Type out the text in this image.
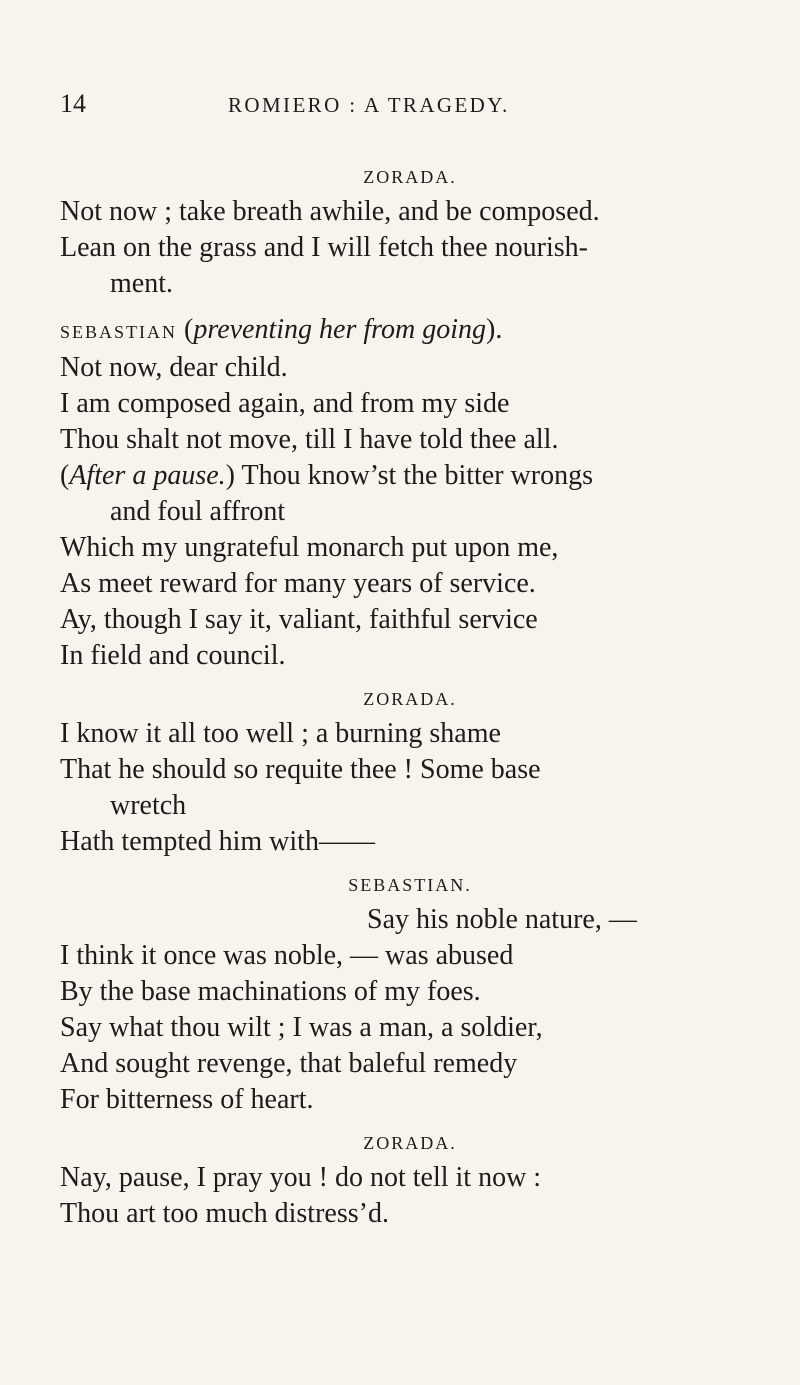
14	ROMIERO : A TRAGEDY.

ZORADA.

Not now ; take breath awhile, and be composed.

Lean on the grass and I will fetch thee nourish-

ment.

SEBASTIAN (preventing her from going).

Not now, dear child.

I am composed again, and from my side

Thou shalt not move, till I have told thee all.

(After a pause.) Thou know’st the bitter wrongs

and foul affront

Which my ungrateful monarch put upon me,

As meet reward for many years of service.

Ay, though I say it, valiant, faithful service

In field and council.

ZORADA.

I know it all too well ; a burning shame

That he should so requite thee ! Some base

wretch

Hath tempted him with——

SEBASTIAN.

Say his noble nature, —

I think it once was noble, — was abused

By the base machinations of my foes.

Say what thou wilt ; I was a man, a soldier,

And sought revenge, that baleful remedy

For bitterness of heart.

ZORADA.

Nay, pause, I pray you ! do not tell it now :

Thou art too much distress’d.
